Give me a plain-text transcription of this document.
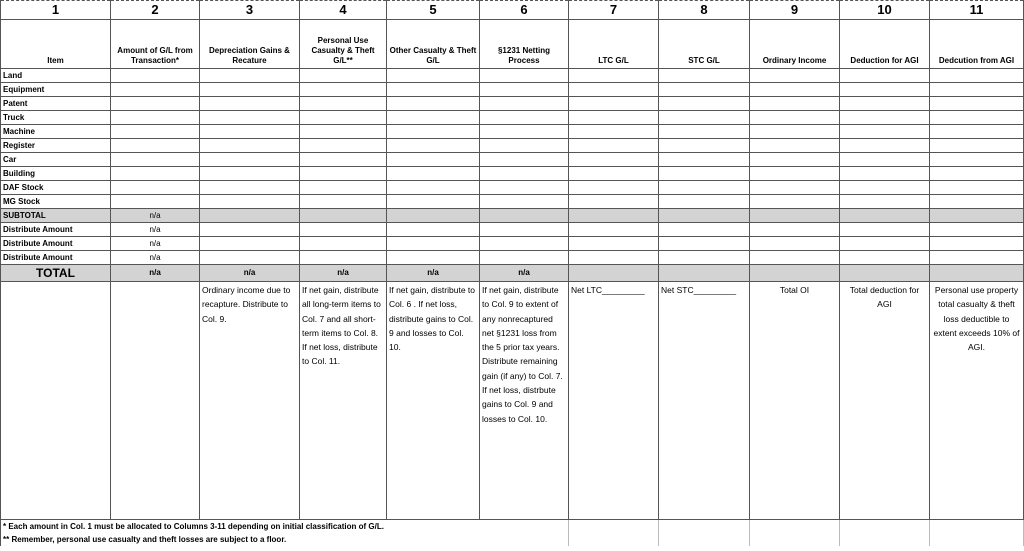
1	2	3	4	5	6	7	8	9	10	11
Item	Amount of G/L from Transaction*	Depreciation Gains & Recature	Personal Use Casualty & Theft G/L**	Other Casualty & Theft G/L	§1231 Netting Process	LTC G/L	STC G/L	Ordinary Income	Deduction for AGI	Dedcution from AGI
Land										
Equipment										
Patent										
Truck										
Machine										
Register										
Car										
Building										
DAF Stock										
MG Stock										
SUBTOTAL	n/a									
Distribute Amount	n/a									
Distribute Amount	n/a									
Distribute Amount	n/a									
TOTAL	n/a	n/a	n/a	n/a	n/a					
		Ordinary income due to recapture. Distribute to Col. 9.	If net gain, distribute all long-term items to Col. 7 and all short-term items to Col. 8. If net loss, distribute to Col. 11.	If net gain, distribute to Col. 6 . If net loss, distribute gains to Col. 9 and losses to Col. 10.	If net gain, distribute to Col. 9 to extent of any nonrecaptured net §1231 loss from the 5 prior tax years. Distribute remaining gain (if any) to Col. 7. If net loss, distrbute gains to Col. 9 and losses to Col. 10.	Net LTC_________	Net STC_________	Total OI	Total deduction for AGI	Personal use property total casualty & theft loss deductible to extent exceeds 10% of AGI.
* Each amount in Col. 1 must be allocated to Columns 3-11 depending on initial classification of G/L.										
** Remember, personal use casualty and theft losses are subject to a floor.										
